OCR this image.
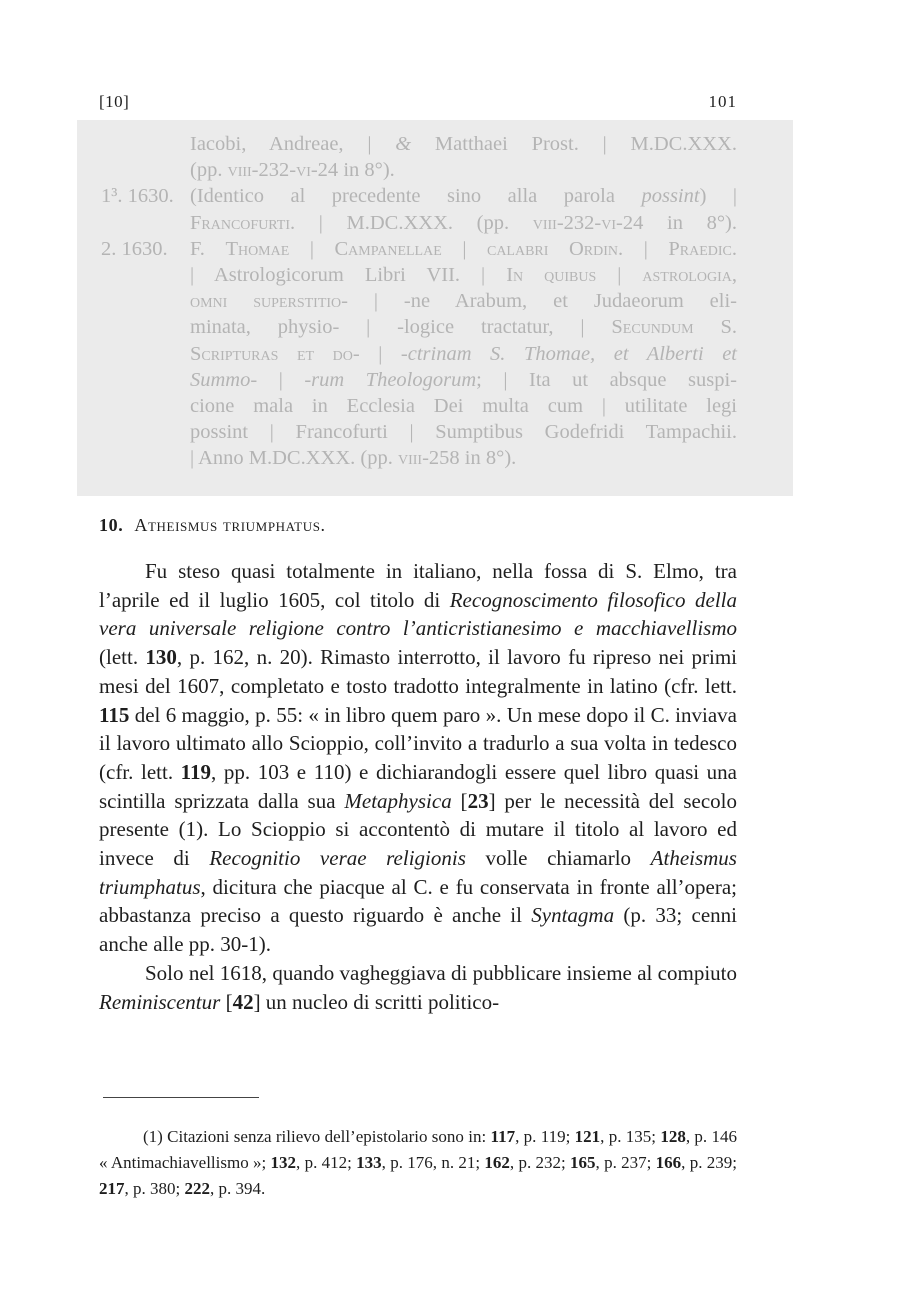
[10]	101
Iacobi, Andreae, | & Matthaei Prost. | M.DC.XXX.
(pp. viii-232-vi-24 in 8°).
1³. 1630. (Identico al precedente sino alla parola possint) |
Francofurti. | M.DC.XXX. (pp. viii-232-vi-24 in 8°).
2. 1630. F. Thomae | Campanellae | calabri Ordin. | Praedic.
| Astrologicorum Libri VII. | In quibus | astrologia,
omni superstitio- | -ne Arabum, et Judaeorum eli-
minata, physio- | -logice tractatur, | Secundum S.
Scripturas et do- | -ctrinam S. Thomae, et Alberti et
Summo- | -rum Theologorum; | Ita ut absque suspi-
cione mala in Ecclesia Dei multa cum | utilitate legi
possint | Francofurti | Sumptibus Godefridi Tampachii.
| Anno M.DC.XXX. (pp. viii-258 in 8°).
10. Atheismus triumphatus.

Fu steso quasi totalmente in italiano, nella fossa di S. Elmo, tra l’aprile ed il luglio 1605, col titolo di Recognoscimento filosofico della vera universale religione contro l’anticristianesimo e macchiavellismo (lett. 130, p. 162, n. 20). Rimasto interrotto, il lavoro fu ripreso nei primi mesi del 1607, completato e tosto tradotto integralmente in latino (cfr. lett. 115 del 6 maggio, p. 55: « in libro quem paro ». Un mese dopo il C. inviava il lavoro ultimato allo Scioppio, coll’invito a tradurlo a sua volta in tedesco (cfr. lett. 119, pp. 103 e 110) e dichiarandogli essere quel libro quasi una scintilla sprizzata dalla sua Metaphysica [23] per le necessità del secolo presente (1). Lo Scioppio si accontentò di mutare il titolo al lavoro ed invece di Recognitio verae religionis volle chiamarlo Atheismus triumphatus, dicitura che piacque al C. e fu conservata in fronte all’opera; abbastanza preciso a questo riguardo è anche il Syntagma (p. 33; cenni anche alle pp. 30-1).

Solo nel 1618, quando vagheggiava di pubblicare insieme al compiuto Reminiscentur [42] un nucleo di scritti politico-

(1) Citazioni senza rilievo dell’epistolario sono in: 117, p. 119; 121, p. 135; 128, p. 146 « Antimachiavellismo »; 132, p. 412; 133, p. 176, n. 21; 162, p. 232; 165, p. 237; 166, p. 239; 217, p. 380; 222, p. 394.
